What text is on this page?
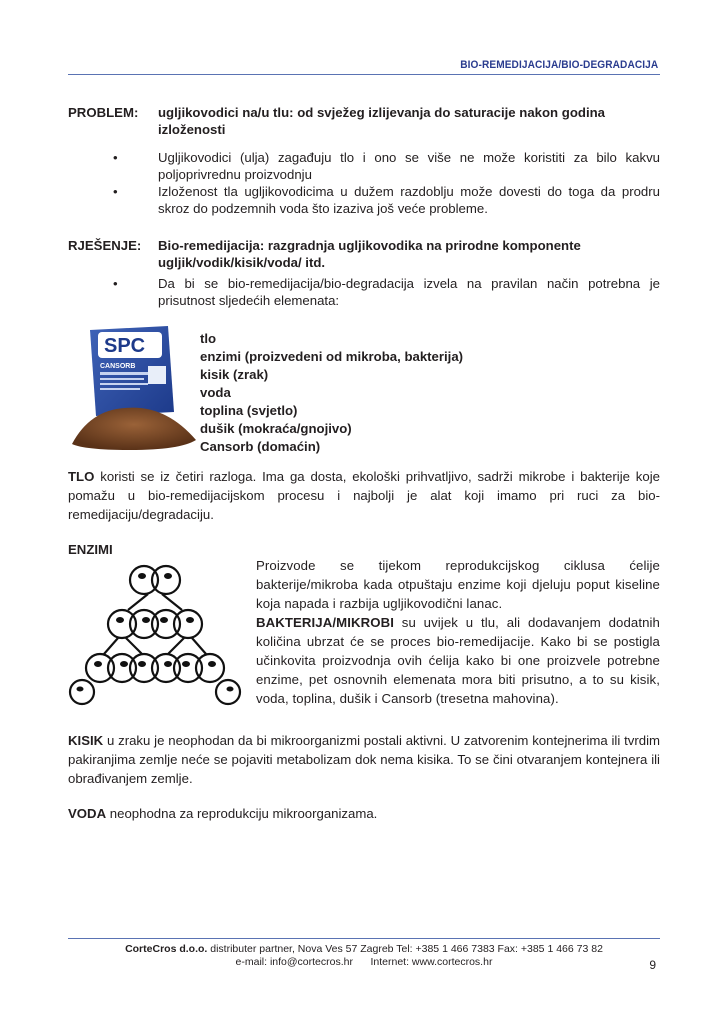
BIO-REMEDIJACIJA/BIO-DEGRADACIJA
PROBLEM: ugljikovodici na/u tlu: od svježeg izlijevanja do saturacije nakon godina izloženosti
•	Ugljikovodici (ulja) zagađuju tlo i ono se više ne može koristiti za bilo kakvu poljoprivrednu proizvodnju
•	Izloženost tla ugljikovodicima u dužem razdoblju može dovesti do toga da prodru skroz do podzemnih voda što izaziva još veće probleme.
RJEŠENJE: Bio-remedijacija: razgradnja ugljikovodika na prirodne komponente ugljik/vodik/kisik/voda/ itd.
•	Da bi se bio-remedijacija/bio-degradacija izvela na pravilan način potrebna je prisutnost sljedećih elemenata:
SPC
CANSORB
tlo
enzimi (proizvedeni od mikroba, bakterija)
kisik (zrak)
voda
toplina (svjetlo)
dušik (mokraća/gnojivo)
Cansorb (domaćin)
TLO koristi se iz četiri razloga. Ima ga dosta, ekološki prihvatljivo, sadrži mikrobe i bakterije koje pomažu u bio-remedijacijskom procesu i najbolji je alat koji imamo pri ruci za bio-remedijaciju/degradaciju.
ENZIMI
Proizvode se tijekom reprodukcijskog ciklusa ćelije bakterije/mikroba kada otpuštaju enzime koji djeluju poput kiseline koja napada i razbija ugljikovodični lanac.
BAKTERIJA/MIKROBI su uvijek u tlu, ali dodavanjem dodatnih količina ubrzat će se proces bio-remedijacije. Kako bi se postigla učinkovita proizvodnja ovih ćelija kako bi one proizvele potrebne enzime, pet osnovnih elemenata mora biti prisutno, a to su kisik, voda, toplina, dušik i Cansorb (tresetna mahovina).
KISIK u zraku je neophodan da bi mikroorganizmi postali aktivni. U zatvorenim kontejnerima ili tvrdim pakiranjima zemlje neće se pojaviti metabolizam dok nema kisika. To se čini otvaranjem kontejnera ili obrađivanjem zemlje.
VODA neophodna za reprodukciju mikroorganizama.
CorteCros d.o.o. distributer partner, Nova Ves 57 Zagreb Tel: +385 1 466 7383 Fax: +385 1 466 73 82
e-mail: info@cortecros.hr      Internet: www.cortecros.hr	9
